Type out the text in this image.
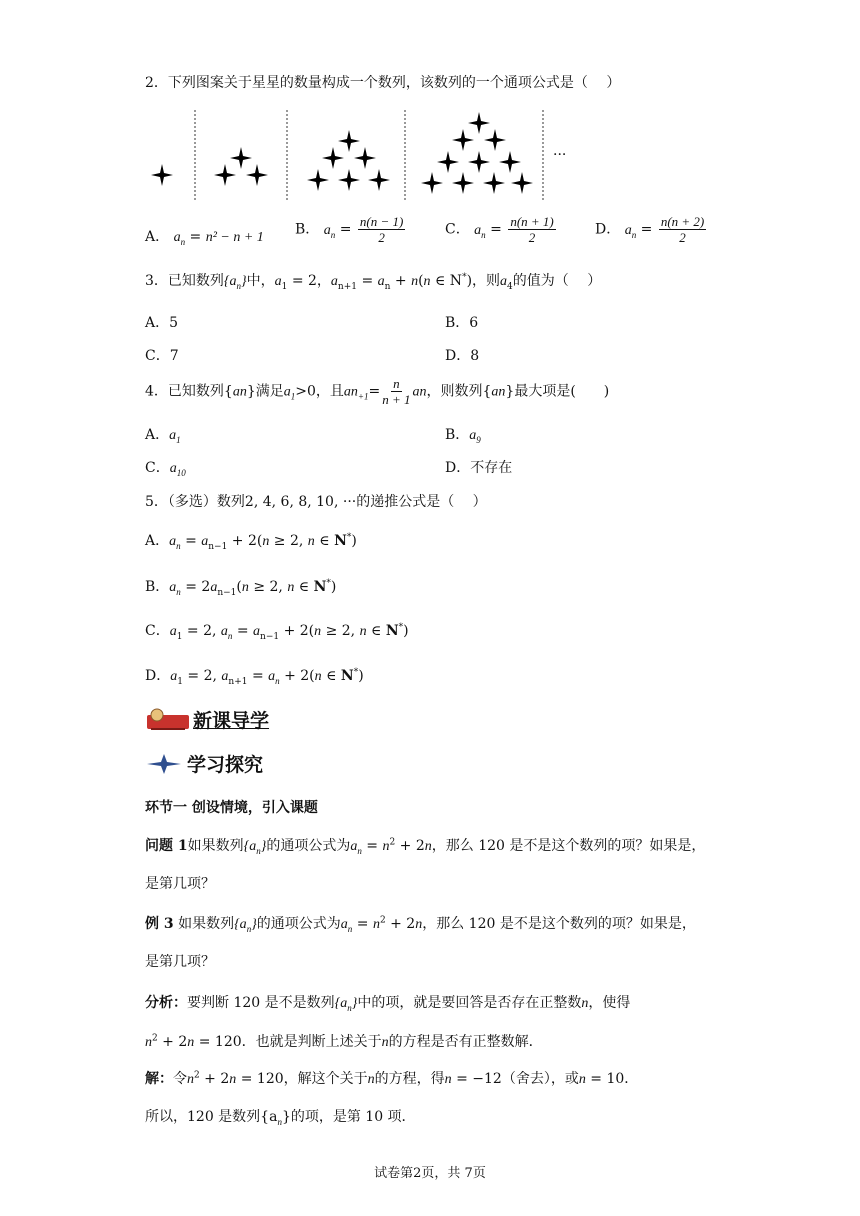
2．下列图案关于星星的数量构成一个数列，该数列的一个通项公式是（　 ）
···
A． $a_n = n^2 - n + 1$ B． $a_n = \frac{n(n - 1)}{2}$	C． $a_n = \frac{n(n + 1)}{2}$	D． $a_n = \frac{n(n + 2)}{2}$
3．已知数列$\{a_n\}$中，$a_1 = 2$，$a_{n+1} = a_n + n(n$ ∈ N*)，则$a_4$的值为（　 ）
A．5	B．6
C．7	D．8
4．已知数列{an}满足$a_1>0$，且$an_{+1}= \frac{n}{n + 1}$ an，则数列{an}最大项是(　　)
A．$a_1$	B．$a_9$
C．$a_{10}$	D．不存在
5．（多选）数列2, 4, 6, 8, 10, ···的递推公式是（　 ）
A．$a_n = a_{n-1} + 2(n \ge 2$, n ∈ N*)
B．$a_n = 2a_{n-1}(n \ge 2$, n ∈ N*)
C．$a_1 = 2$, $a_n = a_{n-1} + 2(n \ge 2$, n ∈ N*)
D．$a_1 = 2$, $a_{n+1} = a_n + 2(n$ ∈ N*)
新课导学
学习探究
环节一 创设情境，引入课题
问题 1如果数列$\{a_n\}$的通项公式为$a_n = n^2 + 2n$，那么 120 是不是这个数列的项？如果是，
是第几项？
例 3 如果数列$\{a_n\}$的通项公式为$a_n = n^2 + 2n$，那么 120 是不是这个数列的项？如果是，
是第几项？
分析：要判断 120 是不是数列$\{a_n\}$中的项，就是要回答是否存在正整数n，使得
$n^2 + 2n = 120$．也就是判断上述关于n的方程是否有正整数解．
解：令$n^2 + 2n = 120$，解这个关于n的方程，得n = −12（舍去），或n = 10．
所以，120 是数列$\{a_n\}$的项，是第 10 项．
试卷第2页，共 7页
